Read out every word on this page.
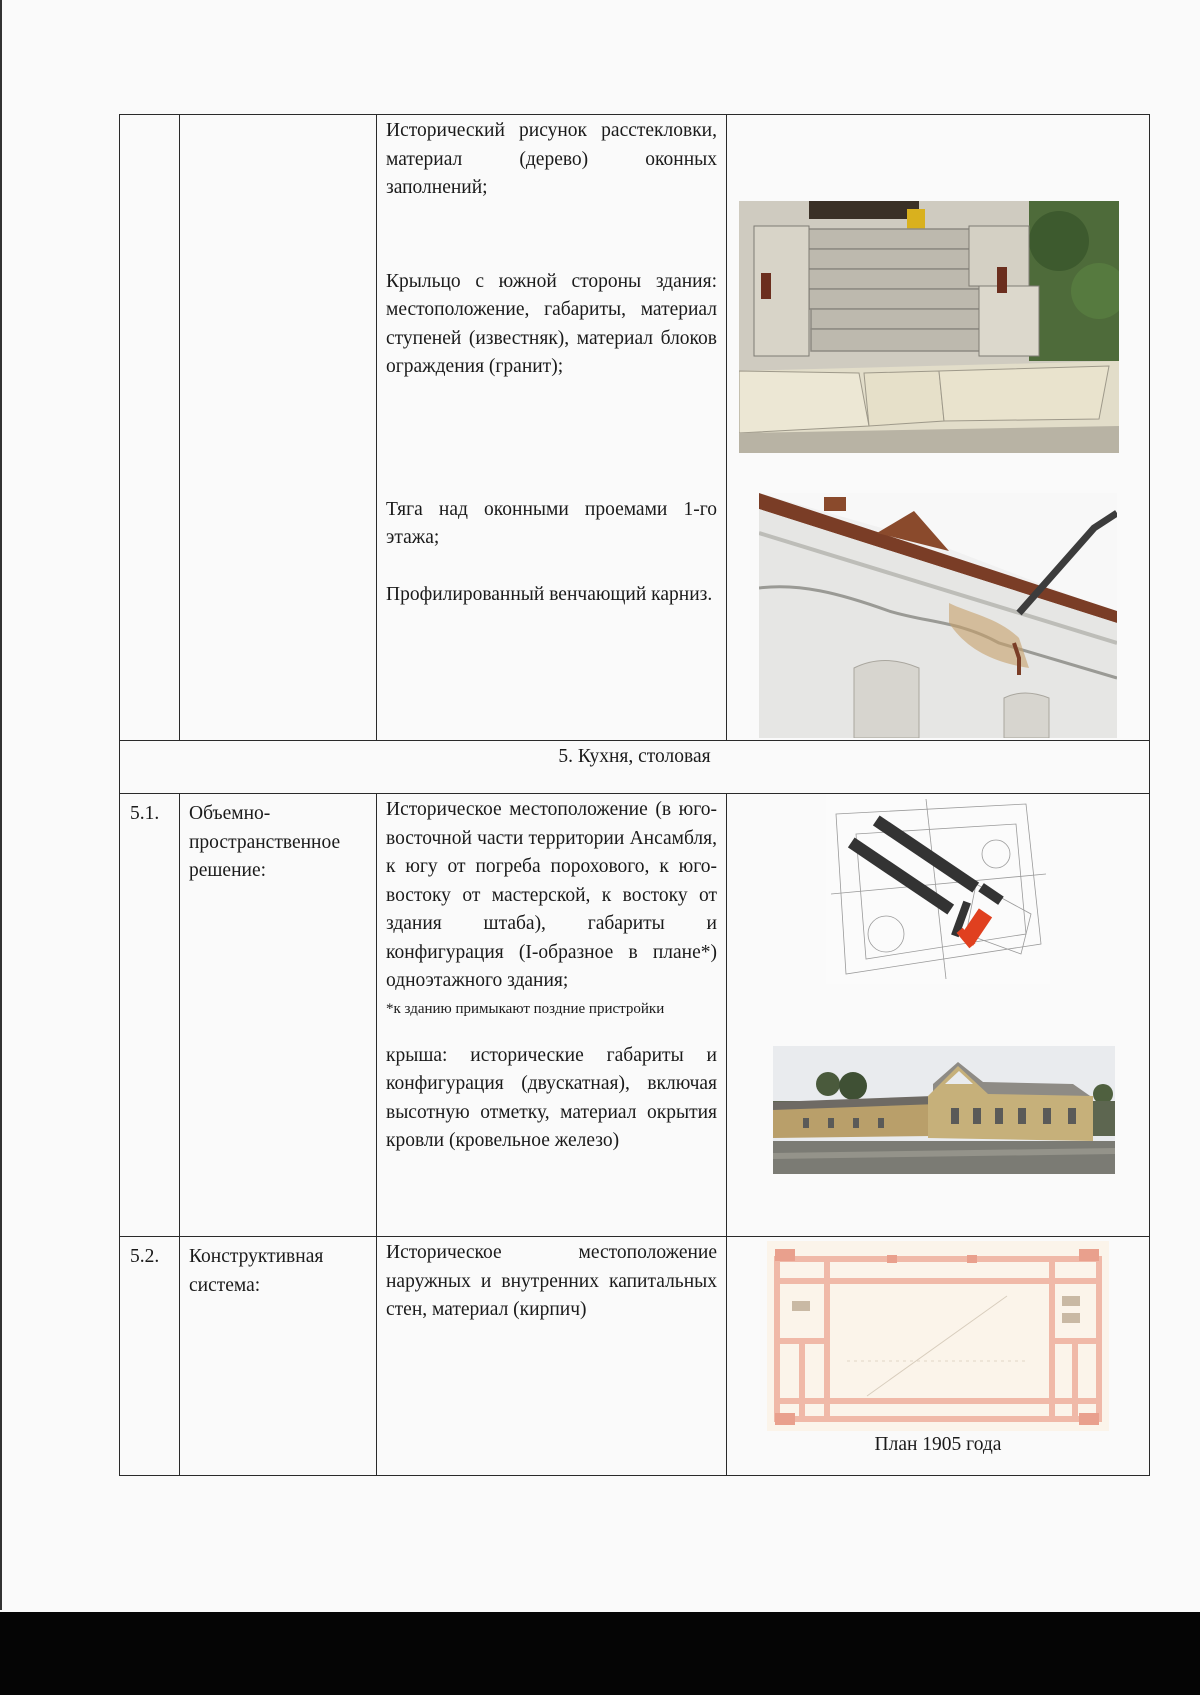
		Исторический рисунок расстекловки, материал (дерево) оконных заполнений;

Крыльцо с южной стороны здания: местоположение, габариты, материал ступеней (известняк), материал блоков ограждения (гранит);

Тяга над оконными проемами 1-го этажа;

Профилированный венчающий карниз.

5. Кухня, столовая			
5.1.	Объемно-пространственное решение:	Историческое местоположение (в юго-восточной части территории Ансамбля, к югу от погреба порохового, к юго-востоку от мастерской, к востоку от здания штаба), габариты и конфигурация (I-образное в плане*) одноэтажного здания;

*к зданию примыкают поздние пристройки

крыша: исторические габариты и конфигурация (двускатная), включая высотную отметку, материал окрытия кровли (кровельное железо)

5.2.	Конструктивная система:	Историческое местоположение наружных и внутренних капитальных стен, материал (кирпич)	План 1905 года
